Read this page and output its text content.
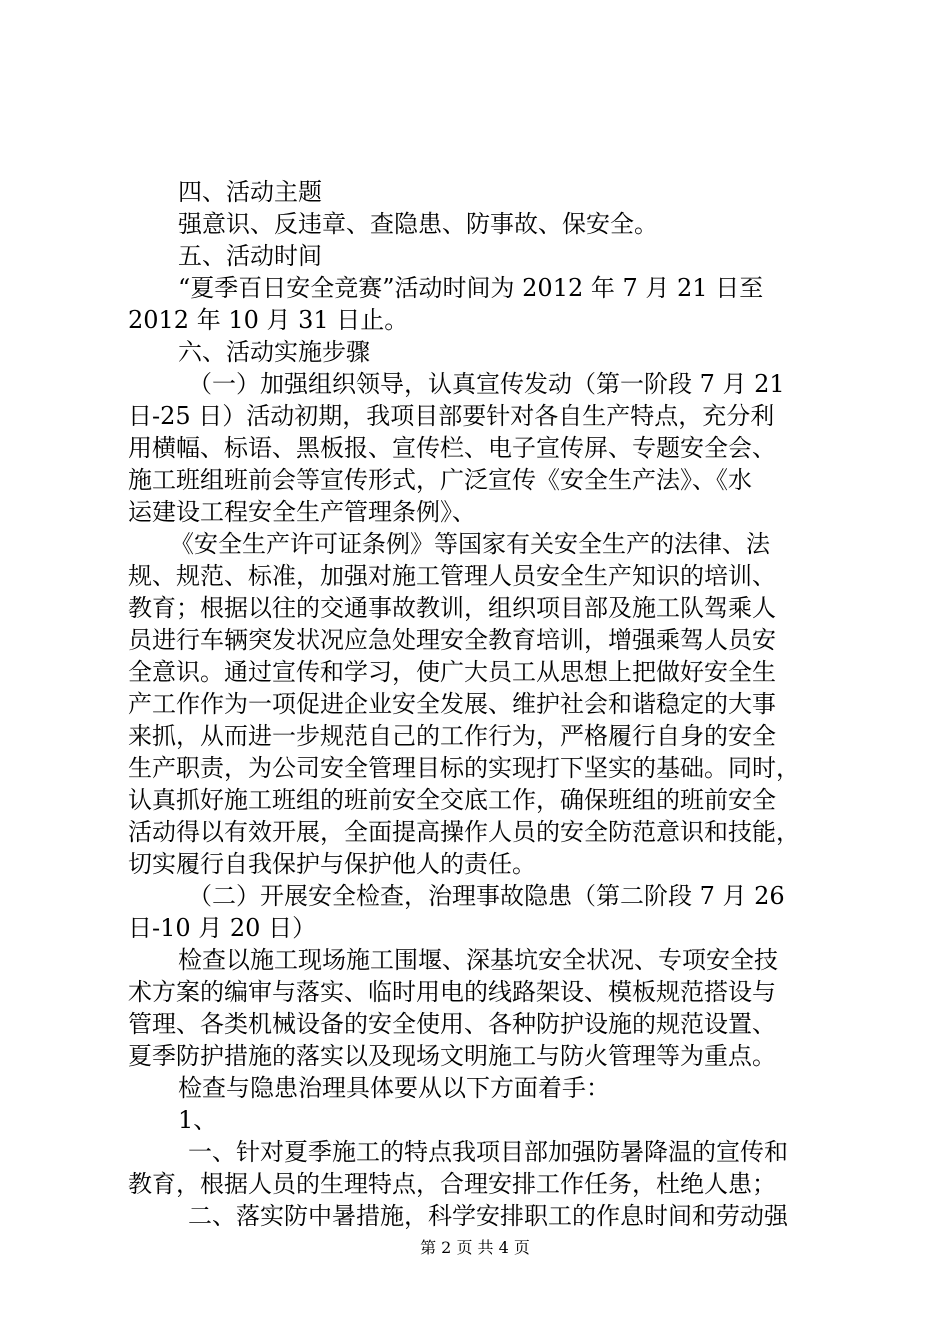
四、活动主题
强意识、反违章、查隐患、防事故、保安全。
五、活动时间
“夏季百日安全竞赛”活动时间为 2012 年 7 月 21 日至
2012 年 10 月 31 日止。
六、活动实施步骤
（一）加强组织领导，认真宣传发动（第一阶段 7 月 21
日-25 日）活动初期，我项目部要针对各自生产特点，充分利
用横幅、标语、黑板报、宣传栏、电子宣传屏、专题安全会、
施工班组班前会等宣传形式，广泛宣传《安全生产法》、《水
运建设工程安全生产管理条例》、
《安全生产许可证条例》等国家有关安全生产的法律、法
规、规范、标准，加强对施工管理人员安全生产知识的培训、
教育；根据以往的交通事故教训，组织项目部及施工队驾乘人
员进行车辆突发状况应急处理安全教育培训，增强乘驾人员安
全意识。通过宣传和学习，使广大员工从思想上把做好安全生
产工作作为一项促进企业安全发展、维护社会和谐稳定的大事
来抓，从而进一步规范自己的工作行为，严格履行自身的安全
生产职责，为公司安全管理目标的实现打下坚实的基础。同时，
认真抓好施工班组的班前安全交底工作，确保班组的班前安全
活动得以有效开展，全面提高操作人员的安全防范意识和技能，
切实履行自我保护与保护他人的责任。
（二）开展安全检查，治理事故隐患（第二阶段 7 月 26
日-10 月 20 日）
检查以施工现场施工围堰、深基坑安全状况、专项安全技
术方案的编审与落实、临时用电的线路架设、模板规范搭设与
管理、各类机械设备的安全使用、各种防护设施的规范设置、
夏季防护措施的落实以及现场文明施工与防火管理等为重点。
检查与隐患治理具体要从以下方面着手：
1、
一、针对夏季施工的特点我项目部加强防暑降温的宣传和
教育，根据人员的生理特点，合理安排工作任务，杜绝人患；
二、落实防中暑措施，科学安排职工的作息时间和劳动强
第 2 页 共 4 页
